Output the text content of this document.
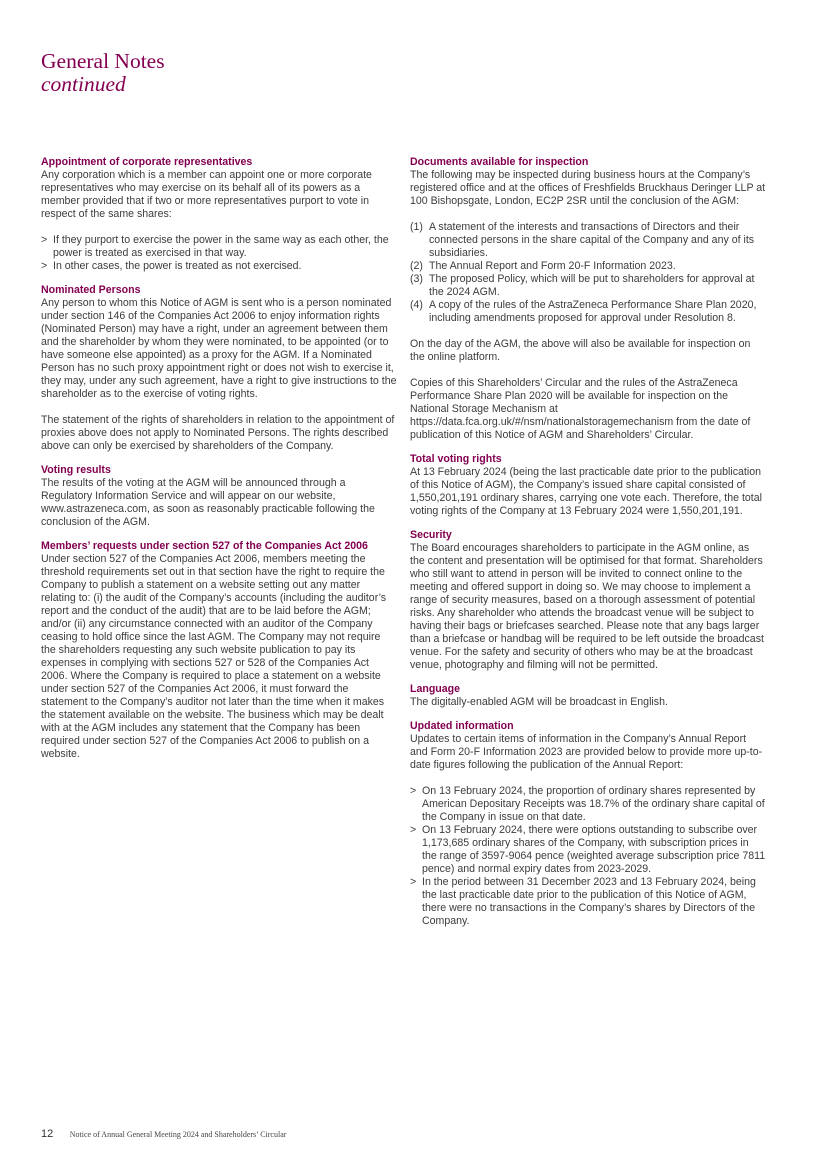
General Notes
continued
Appointment of corporate representatives
Any corporation which is a member can appoint one or more corporate representatives who may exercise on its behalf all of its powers as a member provided that if two or more representatives purport to vote in respect of the same shares:
> If they purport to exercise the power in the same way as each other, the power is treated as exercised in that way.
> In other cases, the power is treated as not exercised.
Nominated Persons
Any person to whom this Notice of AGM is sent who is a person nominated under section 146 of the Companies Act 2006 to enjoy information rights (Nominated Person) may have a right, under an agreement between them and the shareholder by whom they were nominated, to be appointed (or to have someone else appointed) as a proxy for the AGM. If a Nominated Person has no such proxy appointment right or does not wish to exercise it, they may, under any such agreement, have a right to give instructions to the shareholder as to the exercise of voting rights.
The statement of the rights of shareholders in relation to the appointment of proxies above does not apply to Nominated Persons. The rights described above can only be exercised by shareholders of the Company.
Voting results
The results of the voting at the AGM will be announced through a Regulatory Information Service and will appear on our website, www.astrazeneca.com, as soon as reasonably practicable following the conclusion of the AGM.
Members’ requests under section 527 of the Companies Act 2006
Under section 527 of the Companies Act 2006, members meeting the threshold requirements set out in that section have the right to require the Company to publish a statement on a website setting out any matter relating to: (i) the audit of the Company’s accounts (including the auditor’s report and the conduct of the audit) that are to be laid before the AGM; and/or (ii) any circumstance connected with an auditor of the Company ceasing to hold office since the last AGM. The Company may not require the shareholders requesting any such website publication to pay its expenses in complying with sections 527 or 528 of the Companies Act 2006. Where the Company is required to place a statement on a website under section 527 of the Companies Act 2006, it must forward the statement to the Company’s auditor not later than the time when it makes the statement available on the website. The business which may be dealt with at the AGM includes any statement that the Company has been required under section 527 of the Companies Act 2006 to publish on a website.
Documents available for inspection
The following may be inspected during business hours at the Company’s registered office and at the offices of Freshfields Bruckhaus Deringer LLP at 100 Bishopsgate, London, EC2P 2SR until the conclusion of the AGM:
(1) A statement of the interests and transactions of Directors and their connected persons in the share capital of the Company and any of its subsidiaries.
(2) The Annual Report and Form 20-F Information 2023.
(3) The proposed Policy, which will be put to shareholders for approval at the 2024 AGM.
(4) A copy of the rules of the AstraZeneca Performance Share Plan 2020, including amendments proposed for approval under Resolution 8.
On the day of the AGM, the above will also be available for inspection on the online platform.
Copies of this Shareholders’ Circular and the rules of the AstraZeneca Performance Share Plan 2020 will be available for inspection on the National Storage Mechanism at https://data.fca.org.uk/#/nsm/nationalstoragemechanism from the date of publication of this Notice of AGM and Shareholders’ Circular.
Total voting rights
At 13 February 2024 (being the last practicable date prior to the publication of this Notice of AGM), the Company’s issued share capital consisted of 1,550,201,191 ordinary shares, carrying one vote each. Therefore, the total voting rights of the Company at 13 February 2024 were 1,550,201,191.
Security
The Board encourages shareholders to participate in the AGM online, as the content and presentation will be optimised for that format. Shareholders who still want to attend in person will be invited to connect online to the meeting and offered support in doing so. We may choose to implement a range of security measures, based on a thorough assessment of potential risks. Any shareholder who attends the broadcast venue will be subject to having their bags or briefcases searched. Please note that any bags larger than a briefcase or handbag will be required to be left outside the broadcast venue. For the safety and security of others who may be at the broadcast venue, photography and filming will not be permitted.
Language
The digitally-enabled AGM will be broadcast in English.
Updated information
Updates to certain items of information in the Company’s Annual Report and Form 20-F Information 2023 are provided below to provide more up-to-date figures following the publication of the Annual Report:
> On 13 February 2024, the proportion of ordinary shares represented by American Depositary Receipts was 18.7% of the ordinary share capital of the Company in issue on that date.
> On 13 February 2024, there were options outstanding to subscribe over 1,173,685 ordinary shares of the Company, with subscription prices in the range of 3597-9064 pence (weighted average subscription price 7811 pence) and normal expiry dates from 2023-2029.
> In the period between 31 December 2023 and 13 February 2024, being the last practicable date prior to the publication of this Notice of AGM, there were no transactions in the Company’s shares by Directors of the Company.
12 Notice of Annual General Meeting 2024 and Shareholders’ Circular
